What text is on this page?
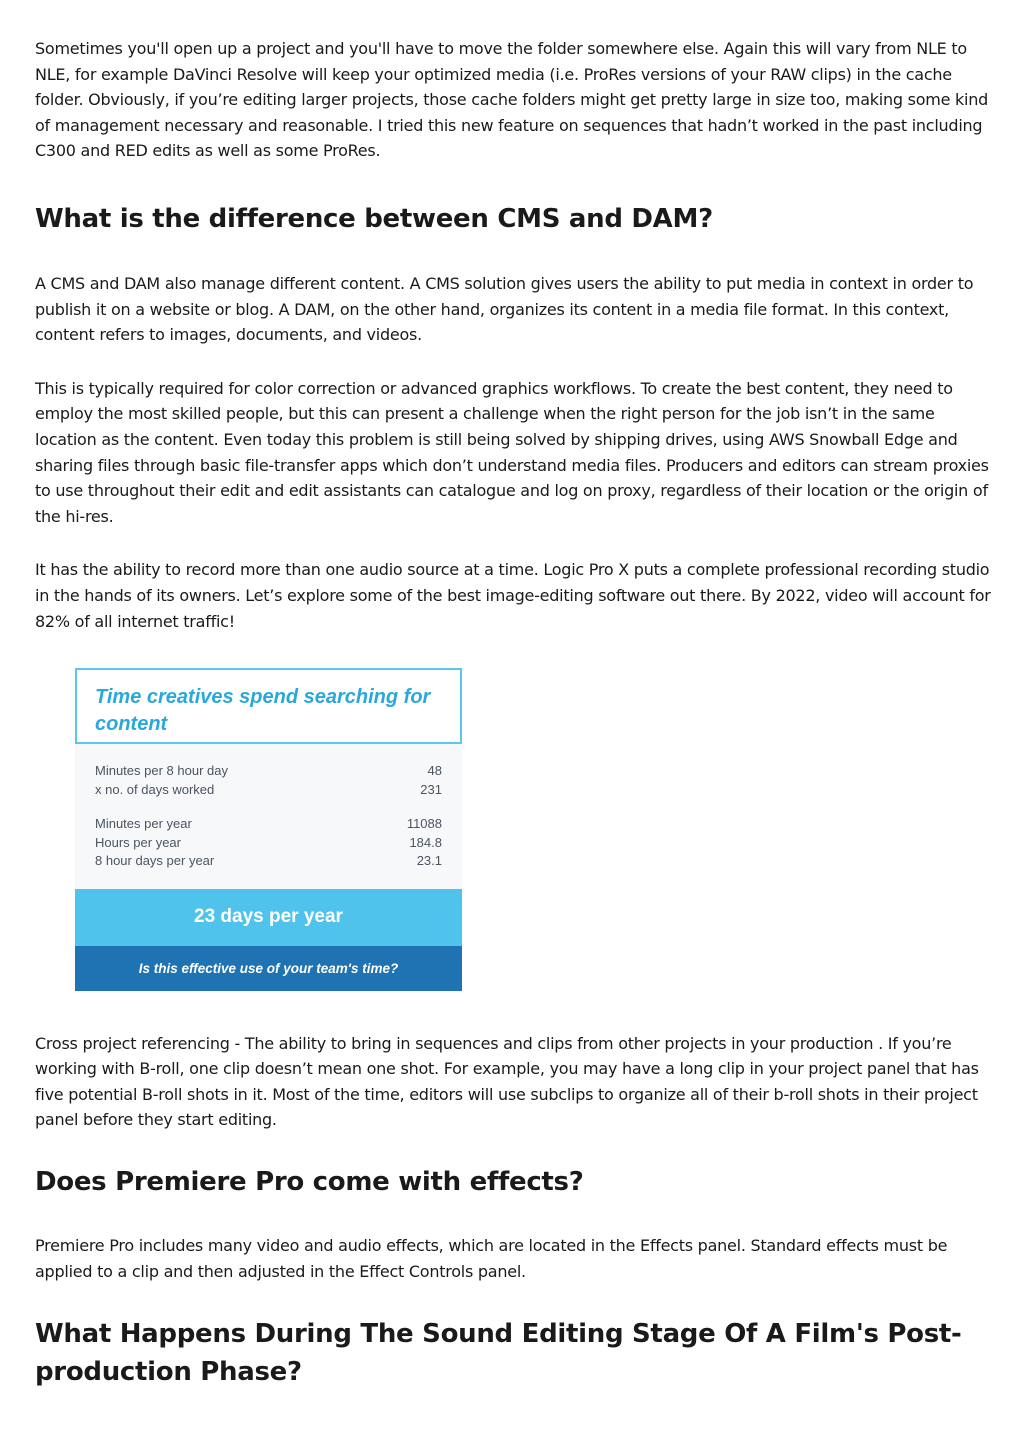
Sometimes you'll open up a project and you'll have to move the folder somewhere else. Again this will vary from NLE to NLE, for example DaVinci Resolve will keep your optimized media (i.e. ProRes versions of your RAW clips) in the cache folder. Obviously, if you’re editing larger projects, those cache folders might get pretty large in size too, making some kind of management necessary and reasonable. I tried this new feature on sequences that hadn’t worked in the past including C300 and RED edits as well as some ProRes.

What is the difference between CMS and DAM?

A CMS and DAM also manage different content. A CMS solution gives users the ability to put media in context in order to publish it on a website or blog. A DAM, on the other hand, organizes its content in a media file format. In this context, content refers to images, documents, and videos.

This is typically required for color correction or advanced graphics workflows. To create the best content, they need to employ the most skilled people, but this can present a challenge when the right person for the job isn’t in the same location as the content. Even today this problem is still being solved by shipping drives, using AWS Snowball Edge and sharing files through basic file-transfer apps which don’t understand media files. Producers and editors can stream proxies to use throughout their edit and edit assistants can catalogue and log on proxy, regardless of their location or the origin of the hi-res.

It has the ability to record more than one audio source at a time. Logic Pro X puts a complete professional recording studio in the hands of its owners. Let’s explore some of the best image-editing software out there. By 2022, video will account for 82% of all internet traffic!

Time creatives spend searching for content
Minutes per 8 hour day	48
x no. of days worked	231
Minutes per year	11088
Hours per year	184.8
8 hour days per year	23.1
23 days per year
Is this effective use of your team's time?

Cross project referencing - The ability to bring in sequences and clips from other projects in your production . If you’re working with B-roll, one clip doesn’t mean one shot. For example, you may have a long clip in your project panel that has five potential B-roll shots in it. Most of the time, editors will use subclips to organize all of their b-roll shots in their project panel before they start editing.

Does Premiere Pro come with effects?

Premiere Pro includes many video and audio effects, which are located in the Effects panel. Standard effects must be applied to a clip and then adjusted in the Effect Controls panel.

What Happens During The Sound Editing Stage Of A Film's Post-production Phase?
